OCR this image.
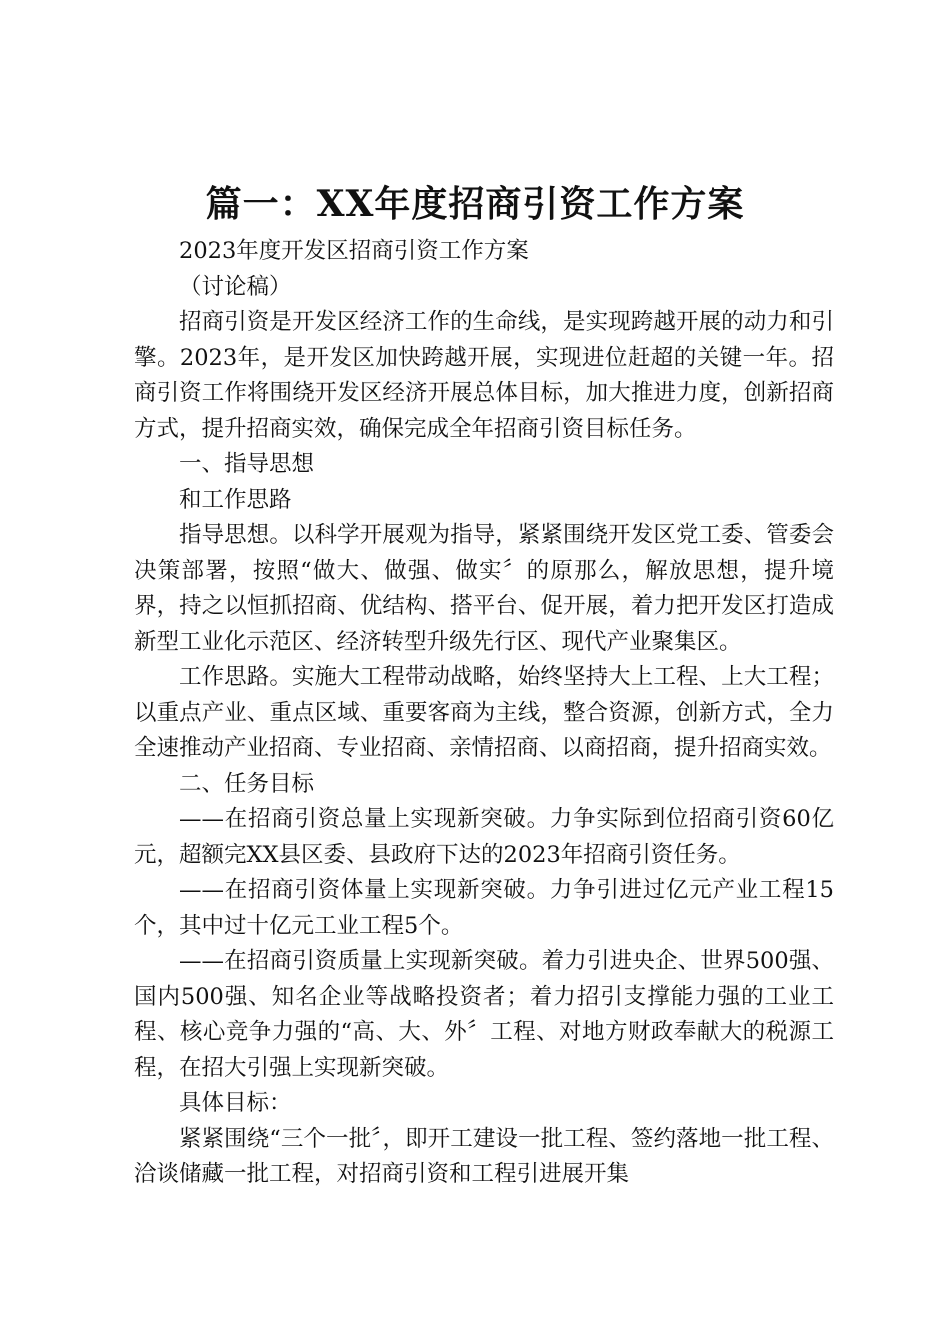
篇一：XX年度招商引资工作方案

2023年度开发区招商引资工作方案

（讨论稿）

招商引资是开发区经济工作的生命线，是实现跨越开展的动力和引擎。2023年，是开发区加快跨越开展，实现进位赶超的关键一年。招商引资工作将围绕开发区经济开展总体目标，加大推进力度，创新招商方式，提升招商实效，确保完成全年招商引资目标任务。

一、指导思想

和工作思路

指导思想。以科学开展观为指导，紧紧围绕开发区党工委、管委会决策部署，按照“做大、做强、做实〞的原那么，解放思想，提升境界，持之以恒抓招商、优结构、搭平台、促开展，着力把开发区打造成新型工业化示范区、经济转型升级先行区、现代产业聚集区。

工作思路。实施大工程带动战略，始终坚持大上工程、上大工程；以重点产业、重点区域、重要客商为主线，整合资源，创新方式，全力全速推动产业招商、专业招商、亲情招商、以商招商，提升招商实效。

二、任务目标

——在招商引资总量上实现新突破。力争实际到位招商引资60亿元，超额完XX县区委、县政府下达的2023年招商引资任务。

——在招商引资体量上实现新突破。力争引进过亿元产业工程15个，其中过十亿元工业工程5个。

——在招商引资质量上实现新突破。着力引进央企、世界500强、国内500强、知名企业等战略投资者；着力招引支撑能力强的工业工程、核心竞争力强的“高、大、外〞工程、对地方财政奉献大的税源工程，在招大引强上实现新突破。

具体目标：

紧紧围绕“三个一批〞，即开工建设一批工程、签约落地一批工程、洽谈储藏一批工程，对招商引资和工程引进展开集
